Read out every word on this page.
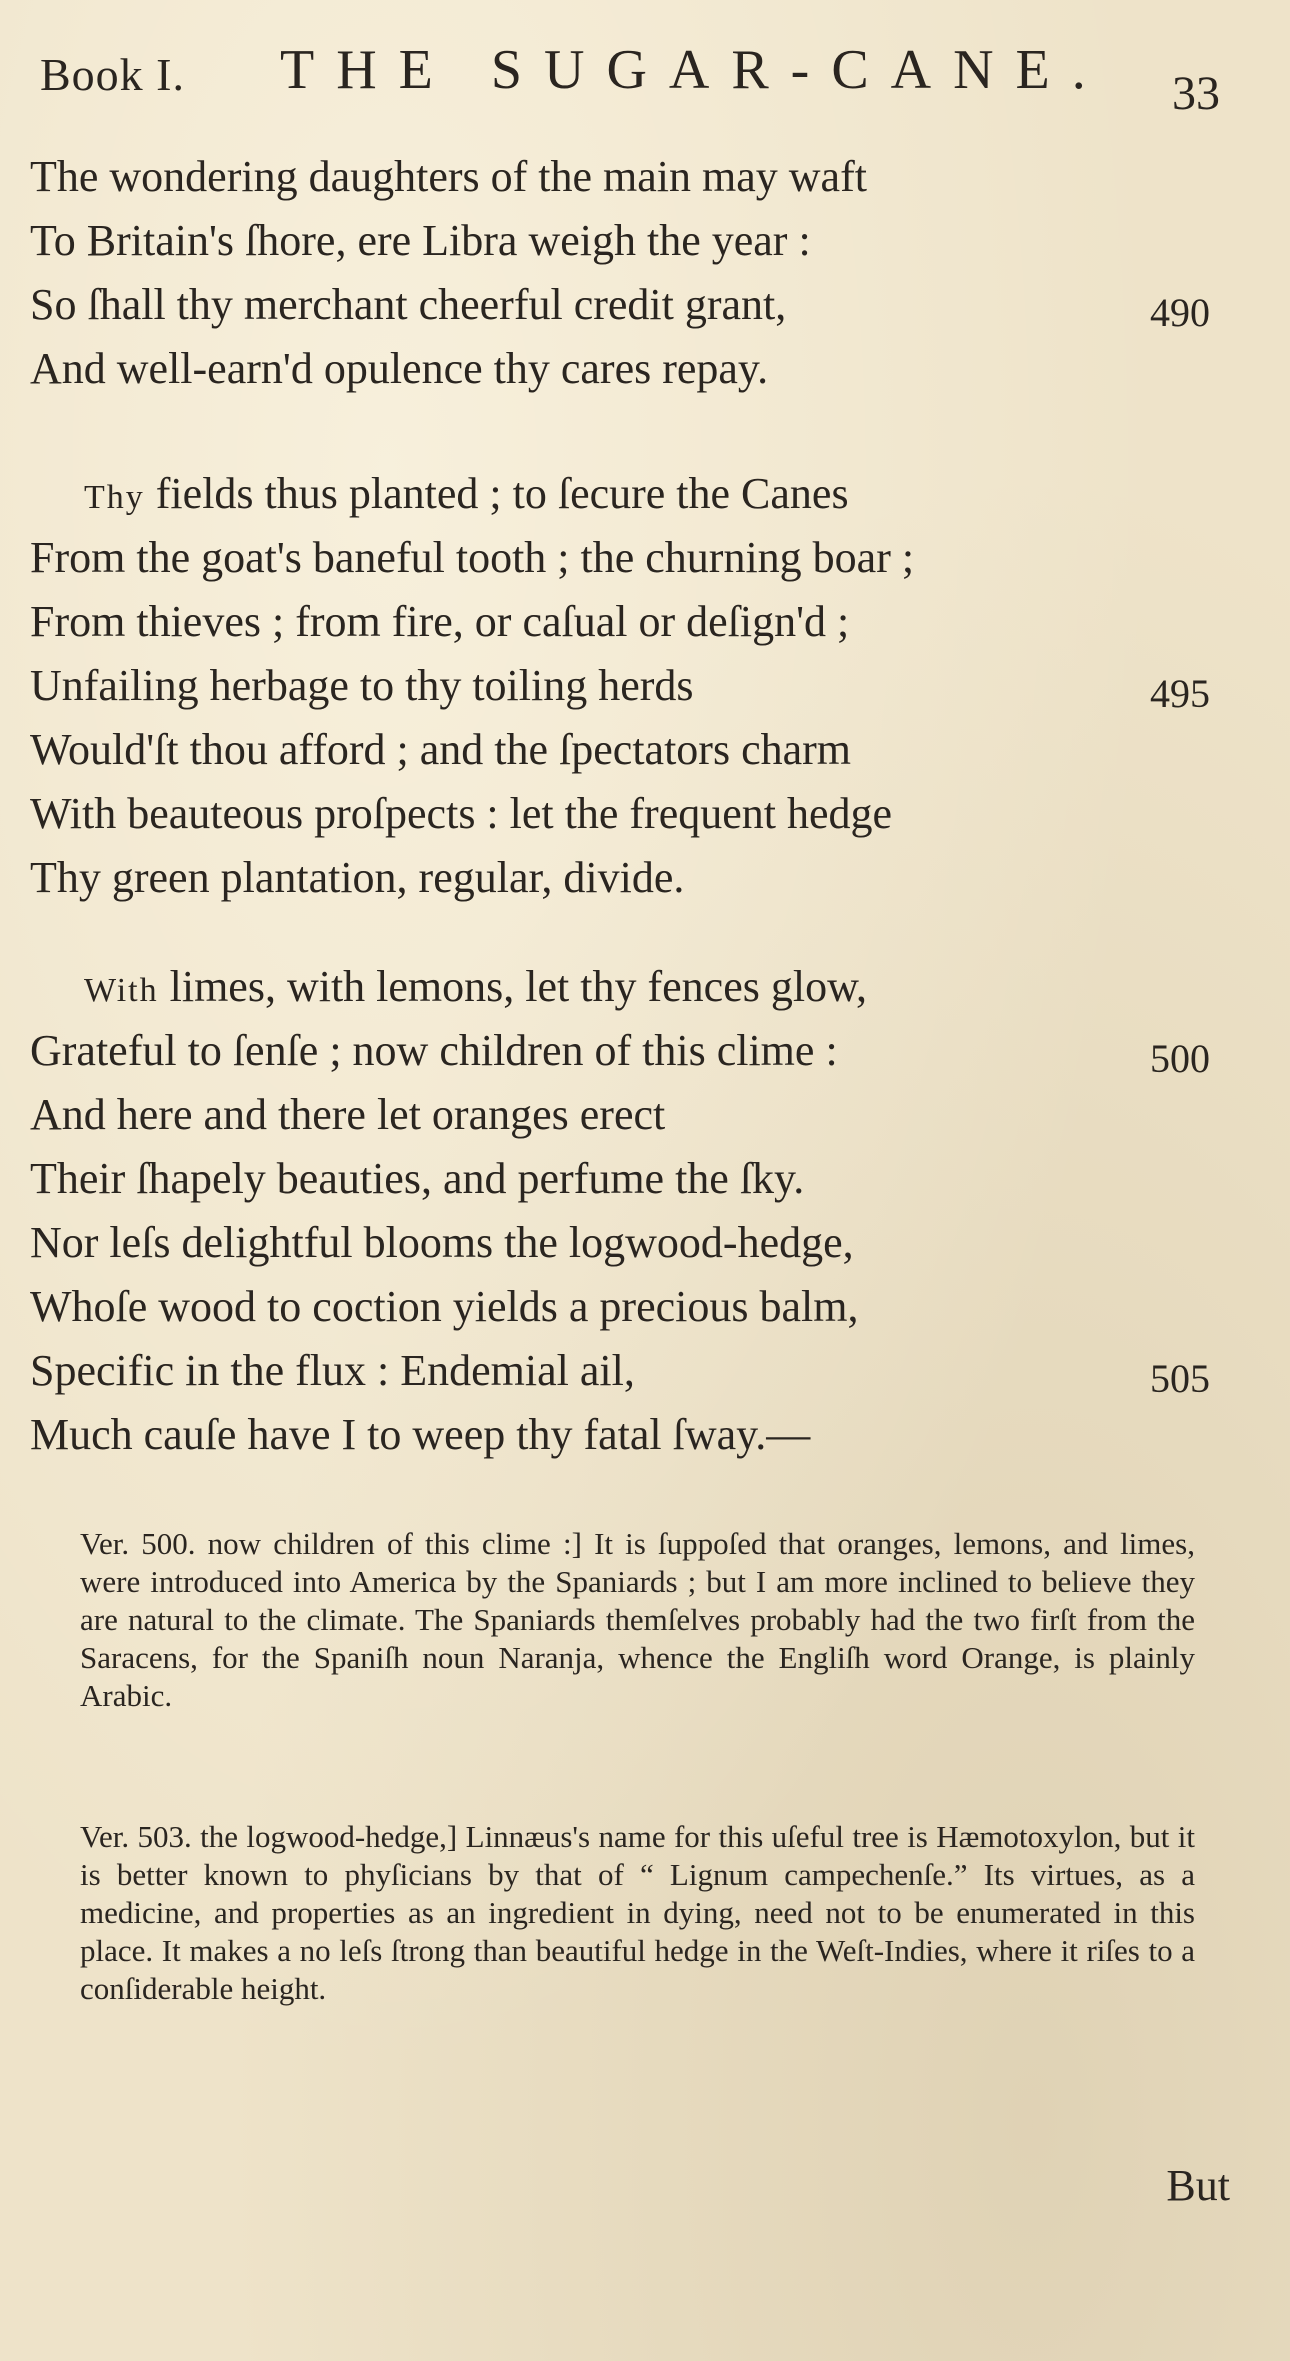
Book I. THE SUGAR-CANE. 33
The wondering daughters of the main may waft
To Britain's ſhore, ere Libra weigh the year :
So ſhall thy merchant cheerful credit grant,	490
And well-earn'd opulence thy cares repay.
Thy fields thus planted ; to ſecure the Canes
From the goat's baneful tooth ; the churning boar ;
From thieves ; from fire, or caſual or deſign'd ;
Unfailing herbage to thy toiling herds	495
Would'ſt thou afford ; and the ſpectators charm
With beauteous proſpects : let the frequent hedge
Thy green plantation, regular, divide.
With limes, with lemons, let thy fences glow,
Grateful to ſenſe ; now children of this clime :	500
And here and there let oranges erect
Their ſhapely beauties, and perfume the ſky.
Nor leſs delightful blooms the logwood-hedge,
Whoſe wood to coction yields a precious balm,
Specific in the flux : Endemial ail,	505
Much cauſe have I to weep thy fatal ſway.—
Ver. 500. now children of this clime :] It is ſuppoſed that oranges, lemons, and limes, were introduced into America by the Spaniards ; but I am more inclined to believe they are natural to the climate. The Spaniards themſelves probably had the two firſt from the Saracens, for the Spaniſh noun Naranja, whence the Engliſh word Orange, is plainly Arabic.
Ver. 503. the logwood-hedge,] Linnæus's name for this uſeful tree is Hæmotoxylon, but it is better known to phyſicians by that of “ Lignum campechenſe.” Its virtues, as a medicine, and properties as an ingredient in dying, need not to be enumerated in this place. It makes a no leſs ſtrong than beautiful hedge in the Weſt-Indies, where it riſes to a conſiderable height.
But
